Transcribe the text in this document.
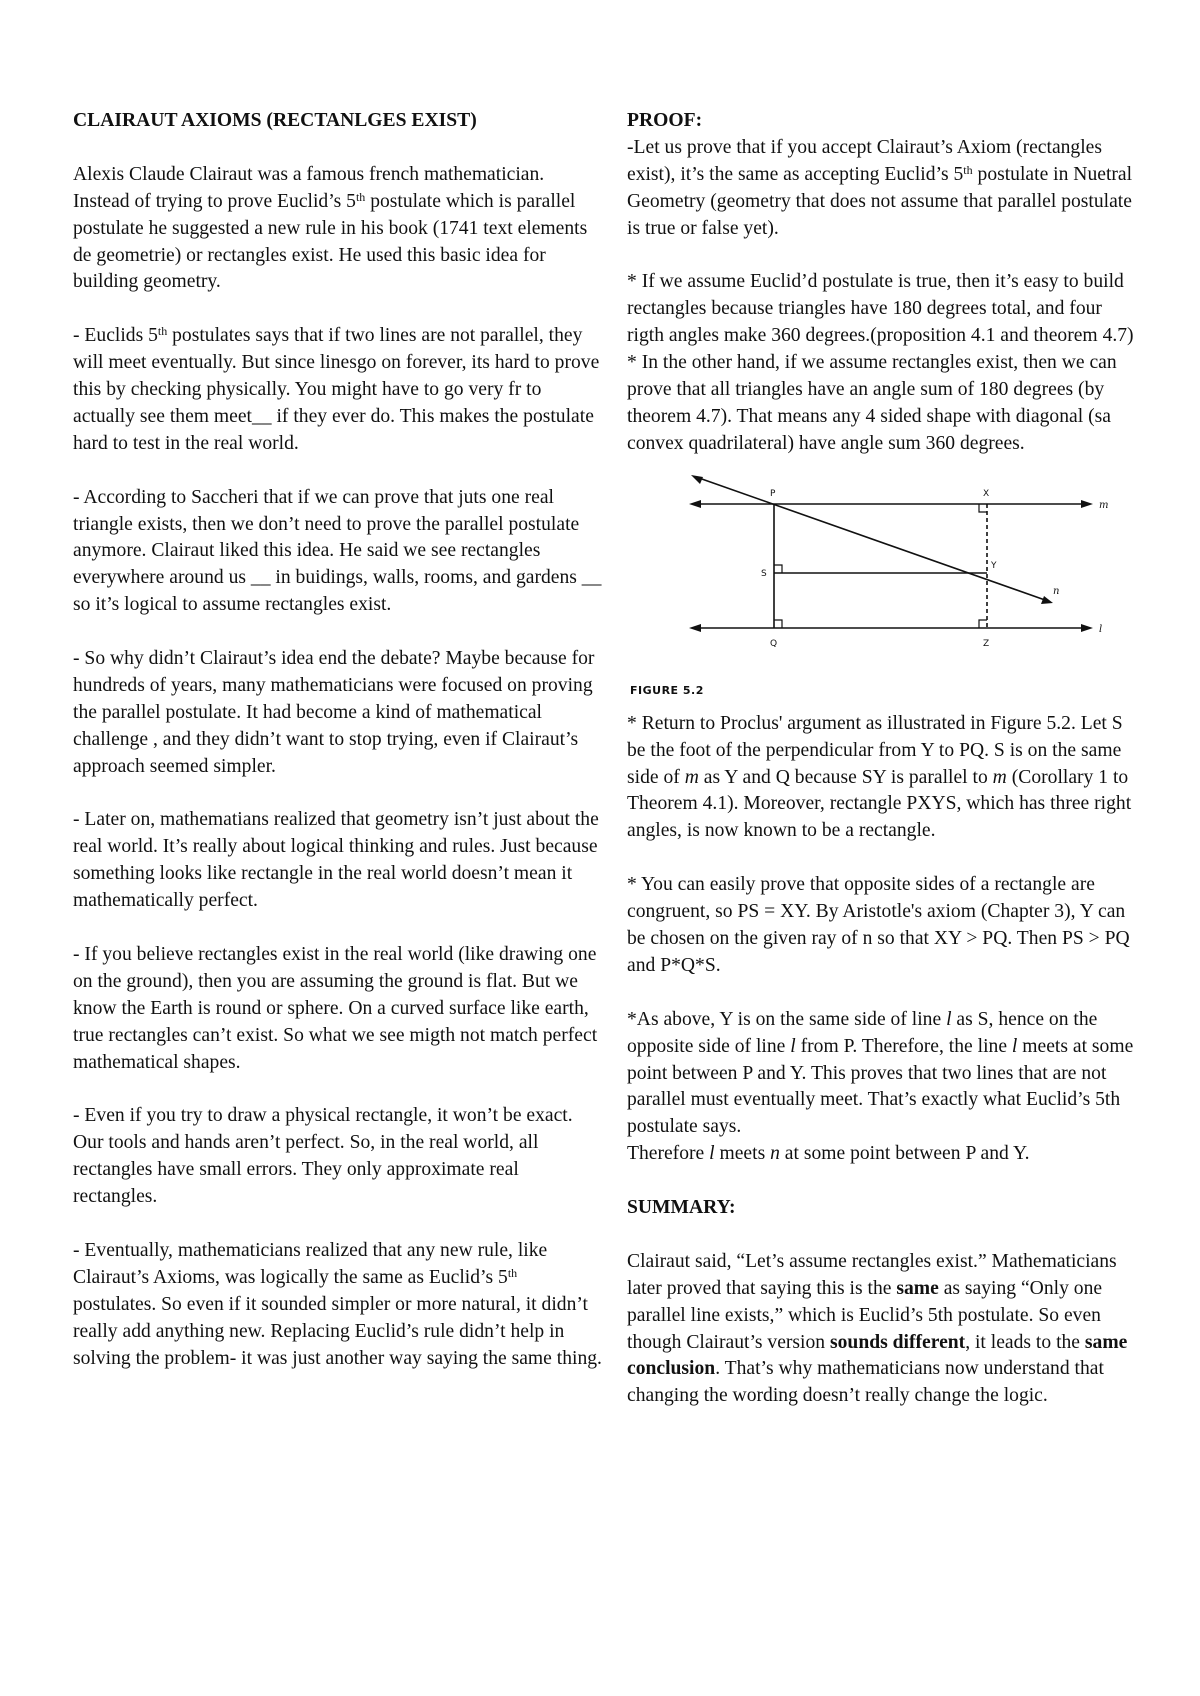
CLAIRAUT AXIOMS (RECTANLGES EXIST)

Alexis Claude Clairaut was a famous french mathematician. Instead of trying to prove Euclid’s 5th postulate which is parallel postulate he suggested a new rule in his book (1741 text elements de geometrie) or rectangles exist. He used this basic idea for building geometry.

- Euclids 5th postulates says that if two lines are not parallel, they will meet eventually. But since linesgo on forever, its hard to prove this by checking physically. You might have to go very fr to actually see them meet__ if they ever do. This makes the postulate hard to test in the real world.

- According to Saccheri that if we can prove that juts one real triangle exists, then we don’t need to prove the parallel postulate anymore. Clairaut liked this idea. He said we see rectangles everywhere around us __ in buidings, walls, rooms, and gardens __ so it’s logical to assume rectangles exist.

- So why didn’t Clairaut’s idea end the debate? Maybe because for hundreds of years, many mathematicians were focused on proving the parallel postulate. It had become a kind of mathematical challenge , and they didn’t want to stop trying, even if Clairaut’s approach seemed simpler.

- Later on, mathematians realized that geometry isn’t just about the real world. It’s really about logical thinking and rules. Just because something looks like rectangle in the real world doesn’t mean it mathematically perfect.

- If you believe rectangles exist in the real world (like drawing one on the ground), then you are assuming the ground is flat. But we know the Earth is round or sphere. On a curved surface like earth, true rectangles can’t exist. So what we see migth not match perfect mathematical shapes.

- Even if you try to draw a physical rectangle, it won’t be exact. Our tools and hands aren’t perfect. So, in the real world, all rectangles have small errors. They only approximate real rectangles.

- Eventually, mathematicians realized that any new rule, like Clairaut’s Axioms, was logically the same as Euclid’s 5th postulates. So even if it sounded simpler or more natural, it didn’t really add anything new. Replacing Euclid’s rule didn’t help in solving the problem- it was just another way saying the same thing.

PROOF:

-Let us prove that if you accept Clairaut’s Axiom (rectangles exist), it’s the same as accepting Euclid’s 5th postulate in Nuetral Geometry (geometry that does not assume that parallel postulate is true or false yet).

* If we assume Euclid’d postulate is true, then it’s easy to build rectangles because triangles have 180 degrees total, and four rigth angles make 360 degrees.(proposition 4.1 and theorem 4.7)

* In the other hand, if we assume rectangles exist, then we can prove that all triangles have an angle sum of 180 degrees (by theorem 4.7). That means any 4 sided shape with diagonal (sa convex quadrilateral) have angle sum 360 degrees.

P	X
Y
S
Q	Z
m
n
l
FIGURE 5.2

* Return to Proclus' argument as illustrated in Figure 5.2. Let S be the foot of the perpendicular from Y to PQ. S is on the same side of m as Y and Q because SY is parallel to m (Corollary 1 to Theorem 4.1). Moreover, rectangle PXYS, which has three right angles, is now known to be a rectangle.

* You can easily prove that opposite sides of a rectangle are congruent, so PS = XY. By Aristotle's axiom (Chapter 3), Y can be chosen on the given ray of n so that XY > PQ. Then PS > PQ and P*Q*S.

*As above, Y is on the same side of line l as S, hence on the opposite side of line l from P. Therefore, the line l meets at some point between P and Y. This proves that two lines that are not parallel must eventually meet. That’s exactly what Euclid’s 5th postulate says.

Therefore l meets n at some point between P and Y.

SUMMARY:

Clairaut said, “Let’s assume rectangles exist.” Mathematicians later proved that saying this is the same as saying “Only one parallel line exists,” which is Euclid’s 5th postulate. So even though Clairaut’s version sounds different, it leads to the same conclusion. That’s why mathematicians now understand that changing the wording doesn’t really change the logic.
